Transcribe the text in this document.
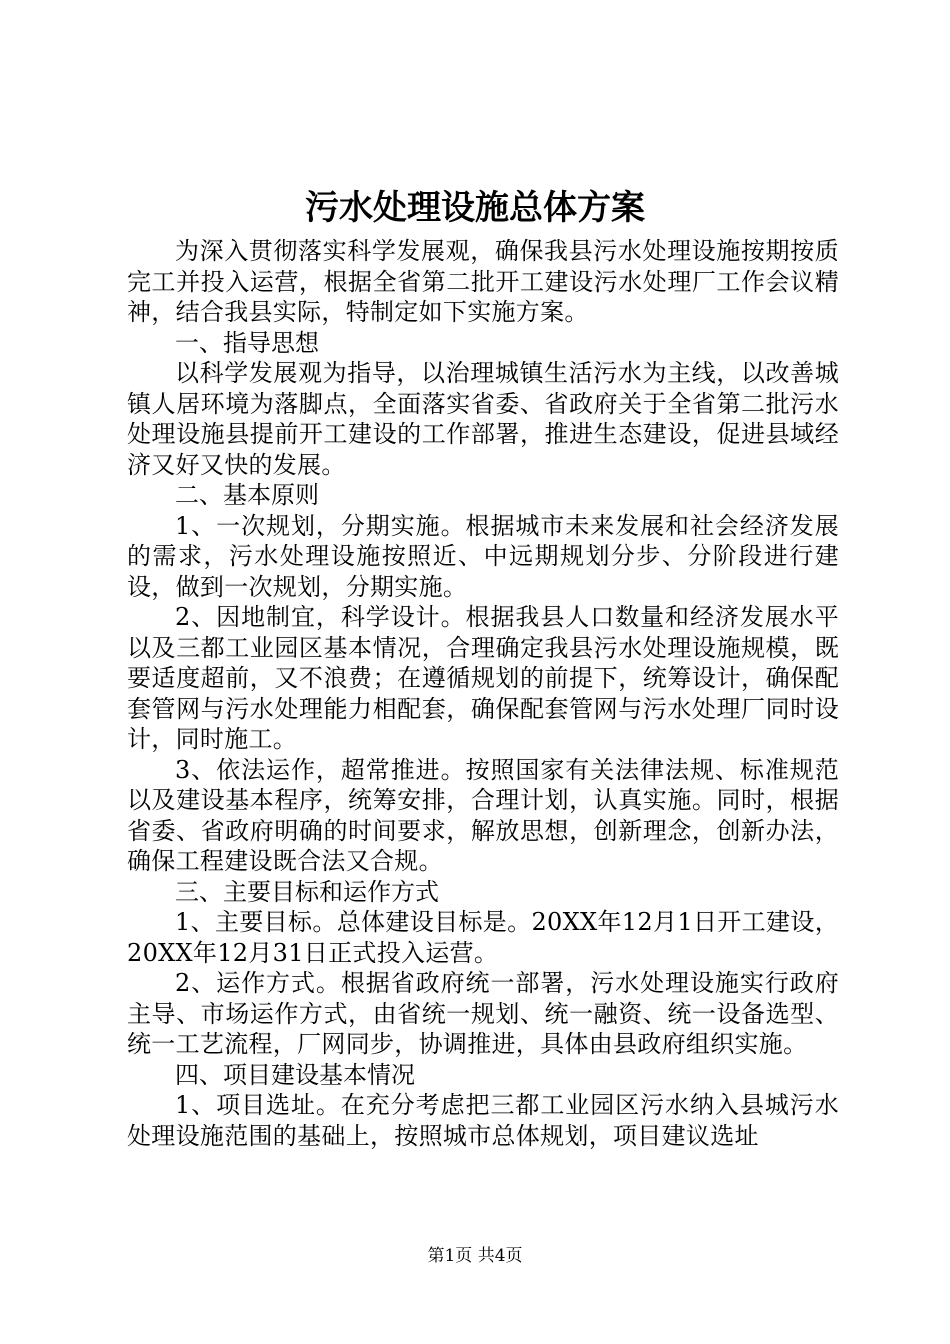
污水处理设施总体方案

为深入贯彻落实科学发展观，确保我县污水处理设施按期按质完工并投入运营，根据全省第二批开工建设污水处理厂工作会议精神，结合我县实际，特制定如下实施方案。

一、指导思想

以科学发展观为指导，以治理城镇生活污水为主线，以改善城镇人居环境为落脚点，全面落实省委、省政府关于全省第二批污水处理设施县提前开工建设的工作部署，推进生态建设，促进县域经济又好又快的发展。

二、基本原则

1、一次规划，分期实施。根据城市未来发展和社会经济发展的需求，污水处理设施按照近、中远期规划分步、分阶段进行建设，做到一次规划，分期实施。

2、因地制宜，科学设计。根据我县人口数量和经济发展水平以及三都工业园区基本情况，合理确定我县污水处理设施规模，既要适度超前，又不浪费；在遵循规划的前提下，统筹设计，确保配套管网与污水处理能力相配套，确保配套管网与污水处理厂同时设计，同时施工。

3、依法运作，超常推进。按照国家有关法律法规、标准规范以及建设基本程序，统筹安排，合理计划，认真实施。同时，根据省委、省政府明确的时间要求，解放思想，创新理念，创新办法，确保工程建设既合法又合规。

三、主要目标和运作方式

1、主要目标。总体建设目标是。20XX年12月1日开工建设，20XX年12月31日正式投入运营。

2、运作方式。根据省政府统一部署，污水处理设施实行政府主导、市场运作方式，由省统一规划、统一融资、统一设备选型、统一工艺流程，厂网同步，协调推进，具体由县政府组织实施。

四、项目建设基本情况

1、项目选址。在充分考虑把三都工业园区污水纳入县城污水处理设施范围的基础上，按照城市总体规划，项目建议选址

第1页 共4页
